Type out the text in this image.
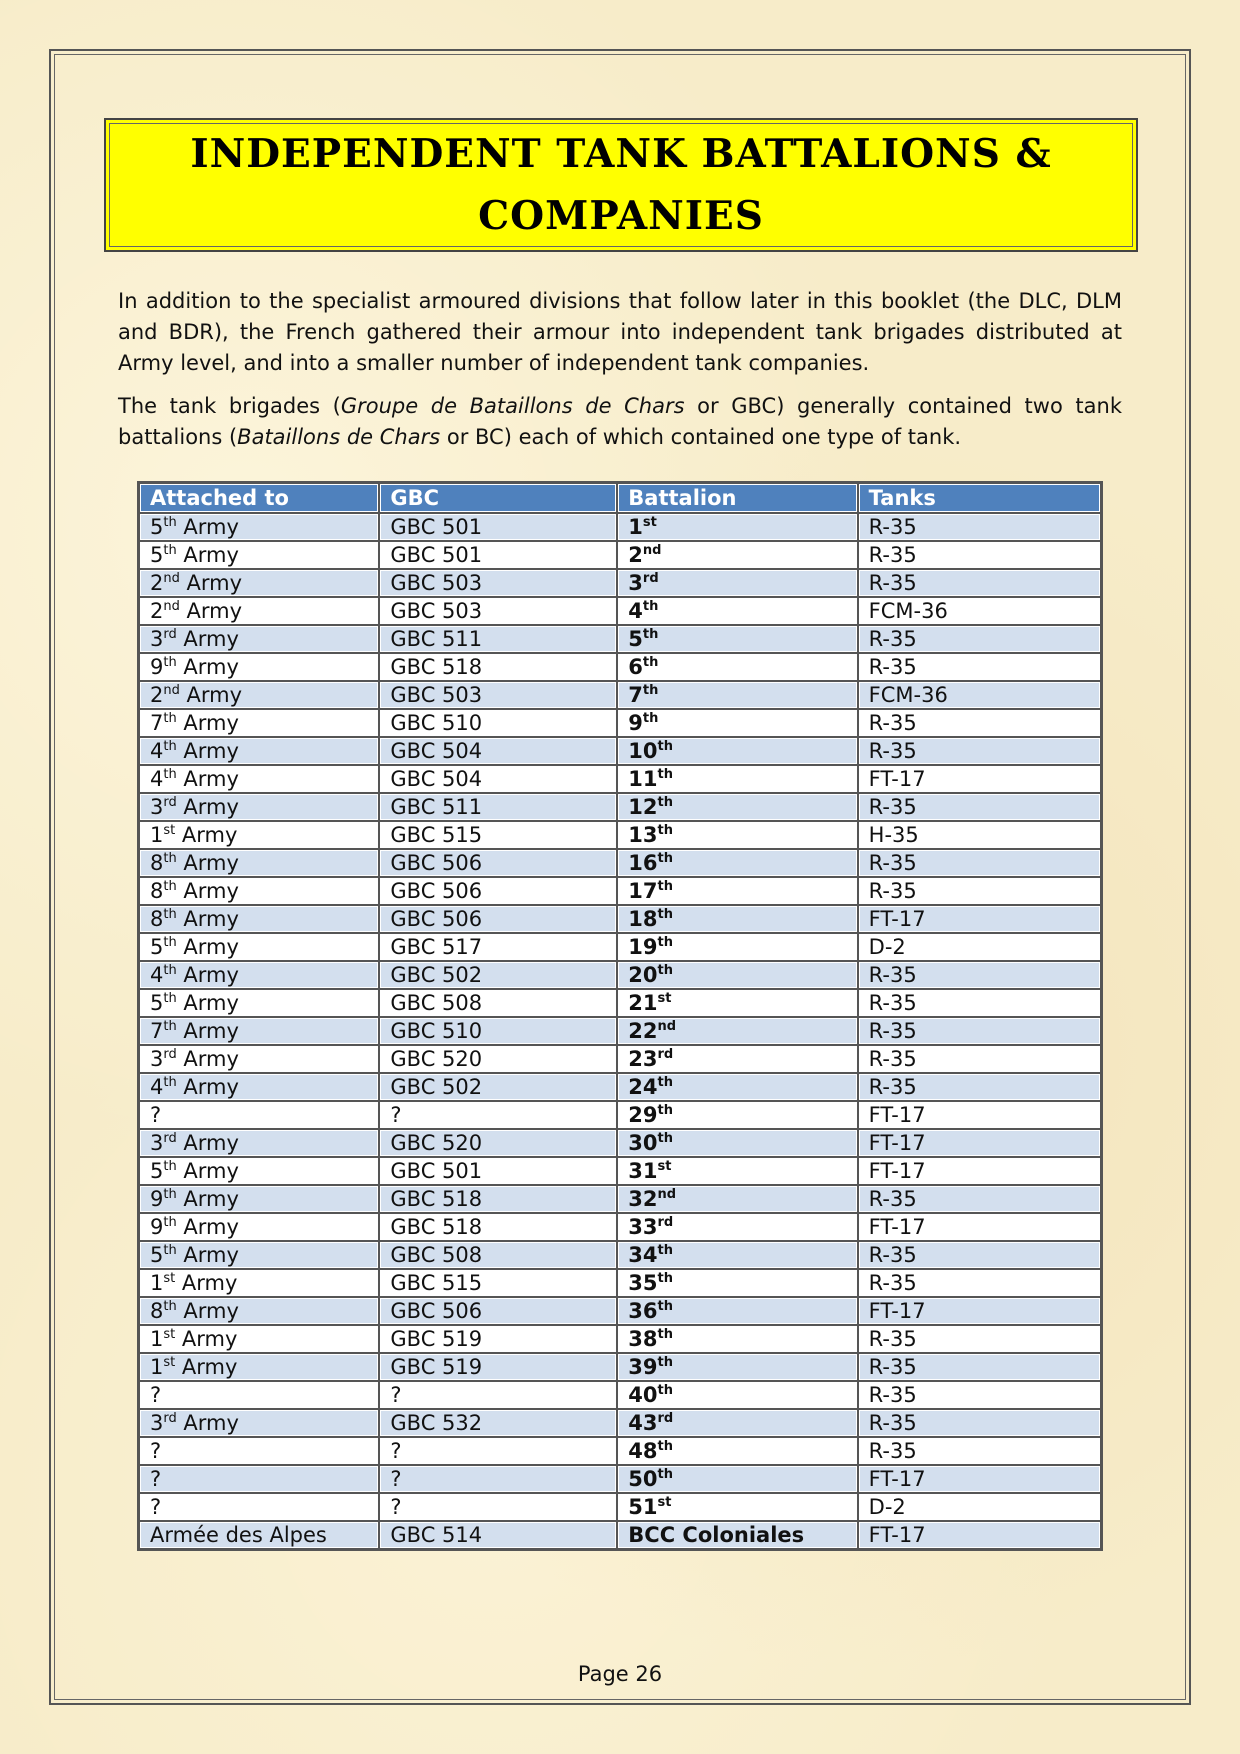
INDEPENDENT TANK BATTALIONS &
COMPANIES

In addition to the specialist armoured divisions that follow later in this booklet (the DLC, DLM and BDR), the French gathered their armour into independent tank brigades distributed at Army level, and into a smaller number of independent tank companies.

The tank brigades (Groupe de Bataillons de Chars or GBC) generally contained two tank battalions (Bataillons de Chars or BC) each of which contained one type of tank.

Attached to	GBC	Battalion	Tanks
5th Army	GBC 501	1st	R-35
5th Army	GBC 501	2nd	R-35
2nd Army	GBC 503	3rd	R-35
2nd Army	GBC 503	4th	FCM-36
3rd Army	GBC 511	5th	R-35
9th Army	GBC 518	6th	R-35
2nd Army	GBC 503	7th	FCM-36
7th Army	GBC 510	9th	R-35
4th Army	GBC 504	10th	R-35
4th Army	GBC 504	11th	FT-17
3rd Army	GBC 511	12th	R-35
1st Army	GBC 515	13th	H-35
8th Army	GBC 506	16th	R-35
8th Army	GBC 506	17th	R-35
8th Army	GBC 506	18th	FT-17
5th Army	GBC 517	19th	D-2
4th Army	GBC 502	20th	R-35
5th Army	GBC 508	21st	R-35
7th Army	GBC 510	22nd	R-35
3rd Army	GBC 520	23rd	R-35
4th Army	GBC 502	24th	R-35
?	?	29th	FT-17
3rd Army	GBC 520	30th	FT-17
5th Army	GBC 501	31st	FT-17
9th Army	GBC 518	32nd	R-35
9th Army	GBC 518	33rd	FT-17
5th Army	GBC 508	34th	R-35
1st Army	GBC 515	35th	R-35
8th Army	GBC 506	36th	FT-17
1st Army	GBC 519	38th	R-35
1st Army	GBC 519	39th	R-35
?	?	40th	R-35
3rd Army	GBC 532	43rd	R-35
?	?	48th	R-35
?	?	50th	FT-17
?	?	51st	D-2
Armée des Alpes	GBC 514	BCC Coloniales	FT-17
Page 26
